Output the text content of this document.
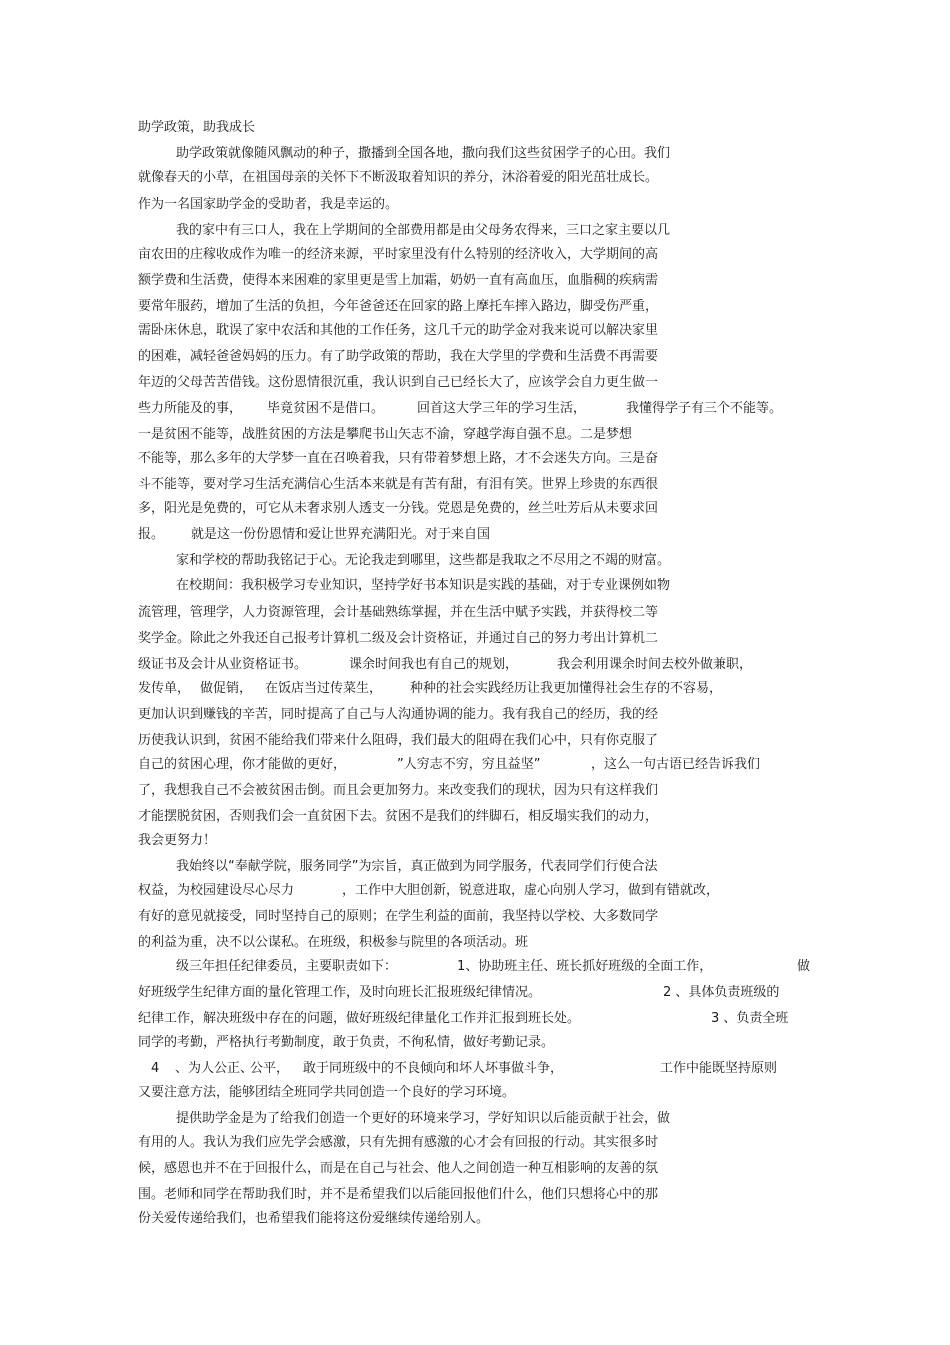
助学政策，助我成长

助学政策就像随风飘动的种子，撒播到全国各地，撒向我们这些贫困学子的心田。我们

就像春天的小草，在祖国母亲的关怀下不断汲取着知识的养分，沐浴着爱的阳光茁壮成长。

作为一名国家助学金的受助者，我是幸运的。

我的家中有三口人，我在上学期间的全部费用都是由父母务农得来，三口之家主要以几

亩农田的庄稼收成作为唯一的经济来源，平时家里没有什么特别的经济收入，大学期间的高

额学费和生活费，使得本来困难的家里更是雪上加霜，奶奶一直有高血压，血脂稠的疾病需

要常年服药，增加了生活的负担，今年爸爸还在回家的路上摩托车摔入路边，脚受伤严重，

需卧床休息，耽误了家中农活和其他的工作任务，这几千元的助学金对我来说可以解决家里

的困难，减轻爸爸妈妈的压力。有了助学政策的帮助，我在大学里的学费和生活费不再需要

年迈的父母苦苦借钱。这份恩情很沉重，我认识到自己已经长大了，应该学会自力更生做一

些力所能及的事， 毕竟贫困不是借口。	回首这大学三年的学习生活，	我懂得学子有三个不能等。

一是贫困不能等，战胜贫困的方法是攀爬书山矢志不渝，穿越学海自强不息。二是梦想

不能等，那么多年的大学梦一直在召唤着我，只有带着梦想上路，才不会迷失方向。三是奋

斗不能等，要对学习生活充满信心生活本来就是有苦有甜，有泪有笑。世界上珍贵的东西很

多，阳光是免费的，可它从未奢求别人透支一分钱。党恩是免费的，丝兰吐芳后从未要求回

报。 就是这一份份恩情和爱让世界充满阳光。对于来自国

家和学校的帮助我铭记于心。无论我走到哪里，这些都是我取之不尽用之不竭的财富。

在校期间：我积极学习专业知识，坚持学好书本知识是实践的基础，对于专业课例如物

流管理，管理学，人力资源管理，会计基础熟练掌握，并在生活中赋予实践，并获得校二等

奖学金。除此之外我还自己报考计算机二级及会计资格证，并通过自己的努力考出计算机二

级证书及会计从业资格证书。	课余时间我也有自己的规划，	我会利用课余时间去校外做兼职，

发传单， 做促销， 在饭店当过传菜生， 种种的社会实践经历让我更加懂得社会生存的不容易，

更加认识到赚钱的辛苦，同时提高了自己与人沟通协调的能力。我有我自己的经历，我的经

历使我认识到，贫困不能给我们带来什么阻碍，我们最大的阻碍在我们心中，只有你克服了

自己的贫困心理，你才能做的更好，	”人穷志不穷，穷且益坚”	，这么一句古语已经告诉我们

了，我想我自己不会被贫困击倒。而且会更加努力。来改变我们的现状，因为只有这样我们

才能摆脱贫困，否则我们会一直贫困下去。贫困不是我们的绊脚石，相反塌实我们的动力，

我会更努力！

我始终以“奉献学院，服务同学”为宗旨，真正做到为同学服务，代表同学们行使合法

权益，为校园建设尽心尽力	，工作中大胆创新，锐意进取，虚心向别人学习，做到有错就改，

有好的意见就接受，同时坚持自己的原则；在学生利益的面前，我坚持以学校、大多数同学

的利益为重，决不以公谋私。在班级，积极参与院里的各项活动。班

级三年担任纪律委员，主要职责如下：	1、协助班主任、班长抓好班级的全面工作，	做

好班级学生纪律方面的量化管理工作，及时向班长汇报班级纪律情况。	2 、具体负责班级的

纪律工作，解决班级中存在的问题，做好班级纪律量化工作并汇报到班长处。	3 、负责全班

同学的考勤，严格执行考勤制度，敢于负责，不徇私情，做好考勤记录。

4 、为人公正、
公平， 敢于同班级中的不良倾向和坏人坏事做斗争，	工作中能既坚持原则

又要注意方法，能够团结全班同学共同创造一个良好的学习环境。

提供助学金是为了给我们创造一个更好的环境来学习，学好知识以后能贡献于社会，做

有用的人。我认为我们应先学会感激，只有先拥有感激的心才会有回报的行动。其实很多时

候，感恩也并不在于回报什么，而是在自己与社会、他人之间创造一种互相影响的友善的氛

围。老师和同学在帮助我们时，并不是希望我们以后能回报他们什么，他们只想将心中的那

份关爱传递给我们，也希望我们能将这份爱继续传递给别人。
